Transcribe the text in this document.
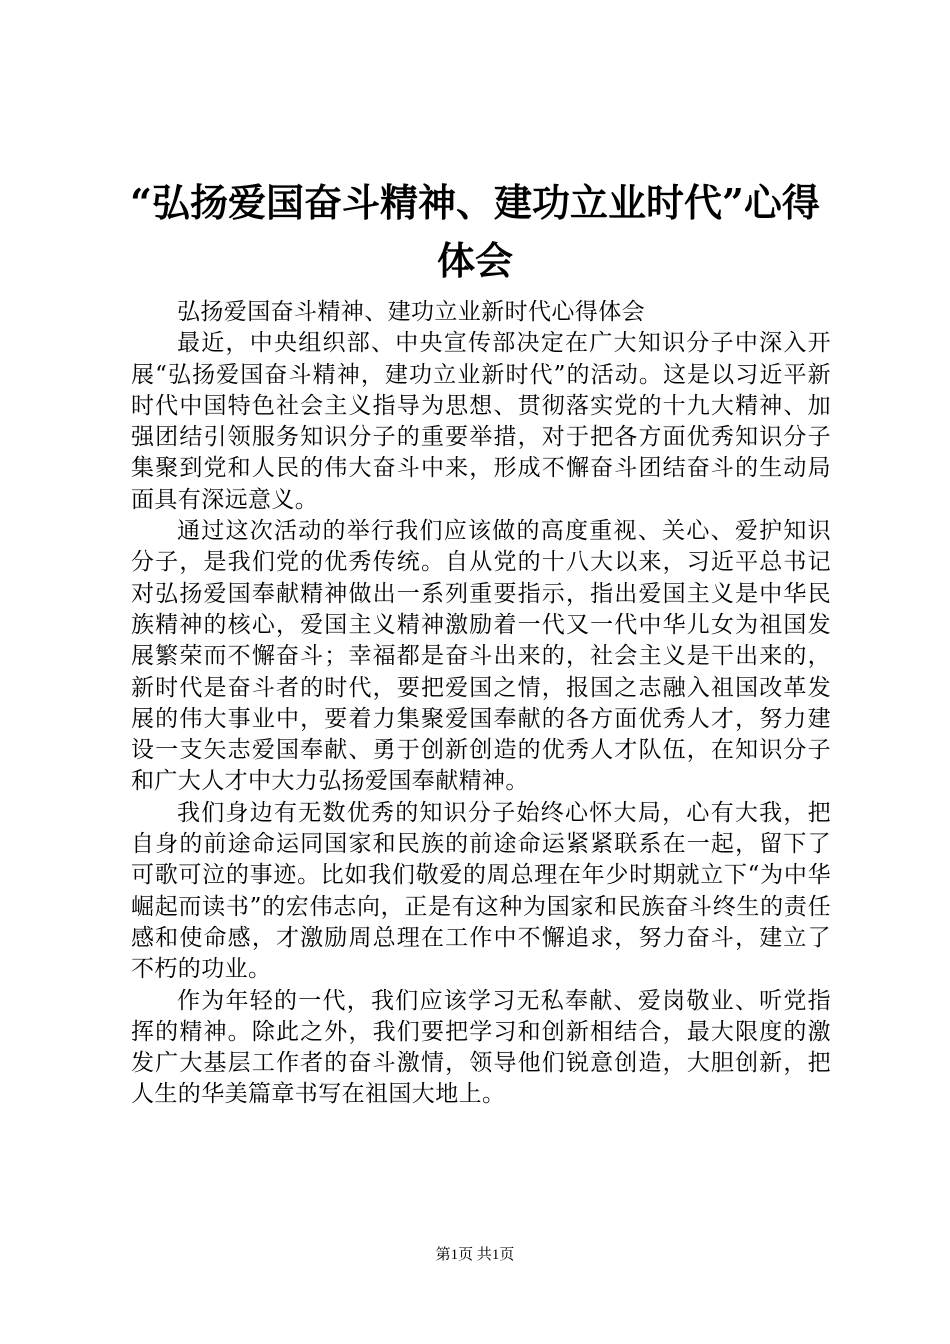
“弘扬爱国奋斗精神、建功立业时代”心得体会

弘扬爱国奋斗精神、建功立业新时代心得体会

最近，中央组织部、中央宣传部决定在广大知识分子中深入开展“弘扬爱国奋斗精神，建功立业新时代”的活动。这是以习近平新时代中国特色社会主义指导为思想、贯彻落实党的十九大精神、加强团结引领服务知识分子的重要举措，对于把各方面优秀知识分子集聚到党和人民的伟大奋斗中来，形成不懈奋斗团结奋斗的生动局面具有深远意义。

通过这次活动的举行我们应该做的高度重视、关心、爱护知识分子，是我们党的优秀传统。自从党的十八大以来，习近平总书记对弘扬爱国奉献精神做出一系列重要指示，指出爱国主义是中华民族精神的核心，爱国主义精神激励着一代又一代中华儿女为祖国发展繁荣而不懈奋斗；幸福都是奋斗出来的，社会主义是干出来的，新时代是奋斗者的时代，要把爱国之情，报国之志融入祖国改革发展的伟大事业中，要着力集聚爱国奉献的各方面优秀人才，努力建设一支矢志爱国奉献、勇于创新创造的优秀人才队伍，在知识分子和广大人才中大力弘扬爱国奉献精神。

我们身边有无数优秀的知识分子始终心怀大局，心有大我，把自身的前途命运同国家和民族的前途命运紧紧联系在一起，留下了可歌可泣的事迹。比如我们敬爱的周总理在年少时期就立下“为中华崛起而读书”的宏伟志向，正是有这种为国家和民族奋斗终生的责任感和使命感，才激励周总理在工作中不懈追求，努力奋斗，建立了不朽的功业。

作为年轻的一代，我们应该学习无私奉献、爱岗敬业、听党指挥的精神。除此之外，我们要把学习和创新相结合，最大限度的激发广大基层工作者的奋斗激情，领导他们锐意创造，大胆创新，把人生的华美篇章书写在祖国大地上。

第1页 共1页
